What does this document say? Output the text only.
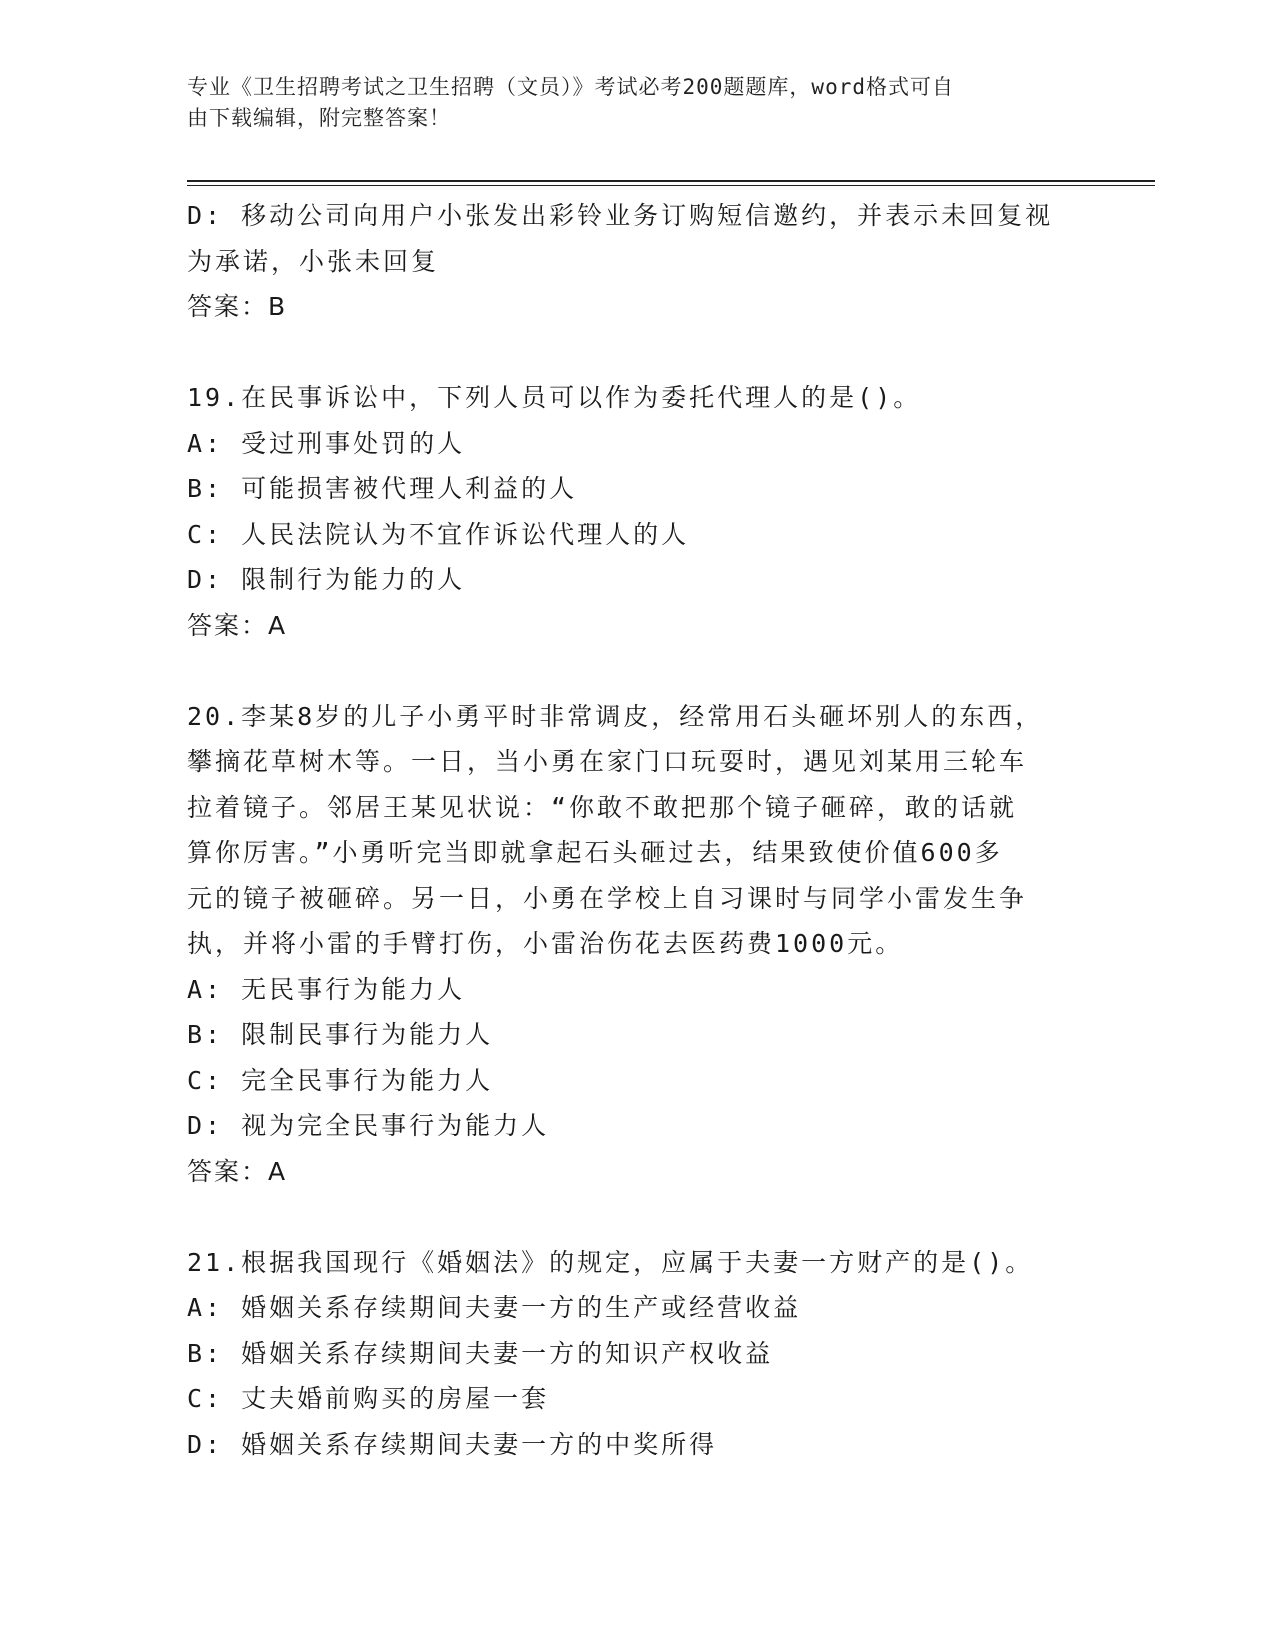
专业《卫生招聘考试之卫生招聘（文员）》考试必考200题题库，word格式可自
由下载编辑，附完整答案！
D: 移动公司向用户小张发出彩铃业务订购短信邀约，并表示未回复视
为承诺，小张未回复
答案：B
19.在民事诉讼中，下列人员可以作为委托代理人的是()。
A: 受过刑事处罚的人
B: 可能损害被代理人利益的人
C: 人民法院认为不宜作诉讼代理人的人
D: 限制行为能力的人
答案：A
20.李某8岁的儿子小勇平时非常调皮，经常用石头砸坏别人的东西，
攀摘花草树木等。一日，当小勇在家门口玩耍时，遇见刘某用三轮车
拉着镜子。邻居王某见状说：“你敢不敢把那个镜子砸碎，敢的话就
算你厉害。”小勇听完当即就拿起石头砸过去，结果致使价值600多
元的镜子被砸碎。另一日，小勇在学校上自习课时与同学小雷发生争
执，并将小雷的手臂打伤，小雷治伤花去医药费1000元。
A: 无民事行为能力人
B: 限制民事行为能力人
C: 完全民事行为能力人
D: 视为完全民事行为能力人
答案：A
21.根据我国现行《婚姻法》的规定，应属于夫妻一方财产的是()。
A: 婚姻关系存续期间夫妻一方的生产或经营收益
B: 婚姻关系存续期间夫妻一方的知识产权收益
C: 丈夫婚前购买的房屋一套
D: 婚姻关系存续期间夫妻一方的中奖所得
